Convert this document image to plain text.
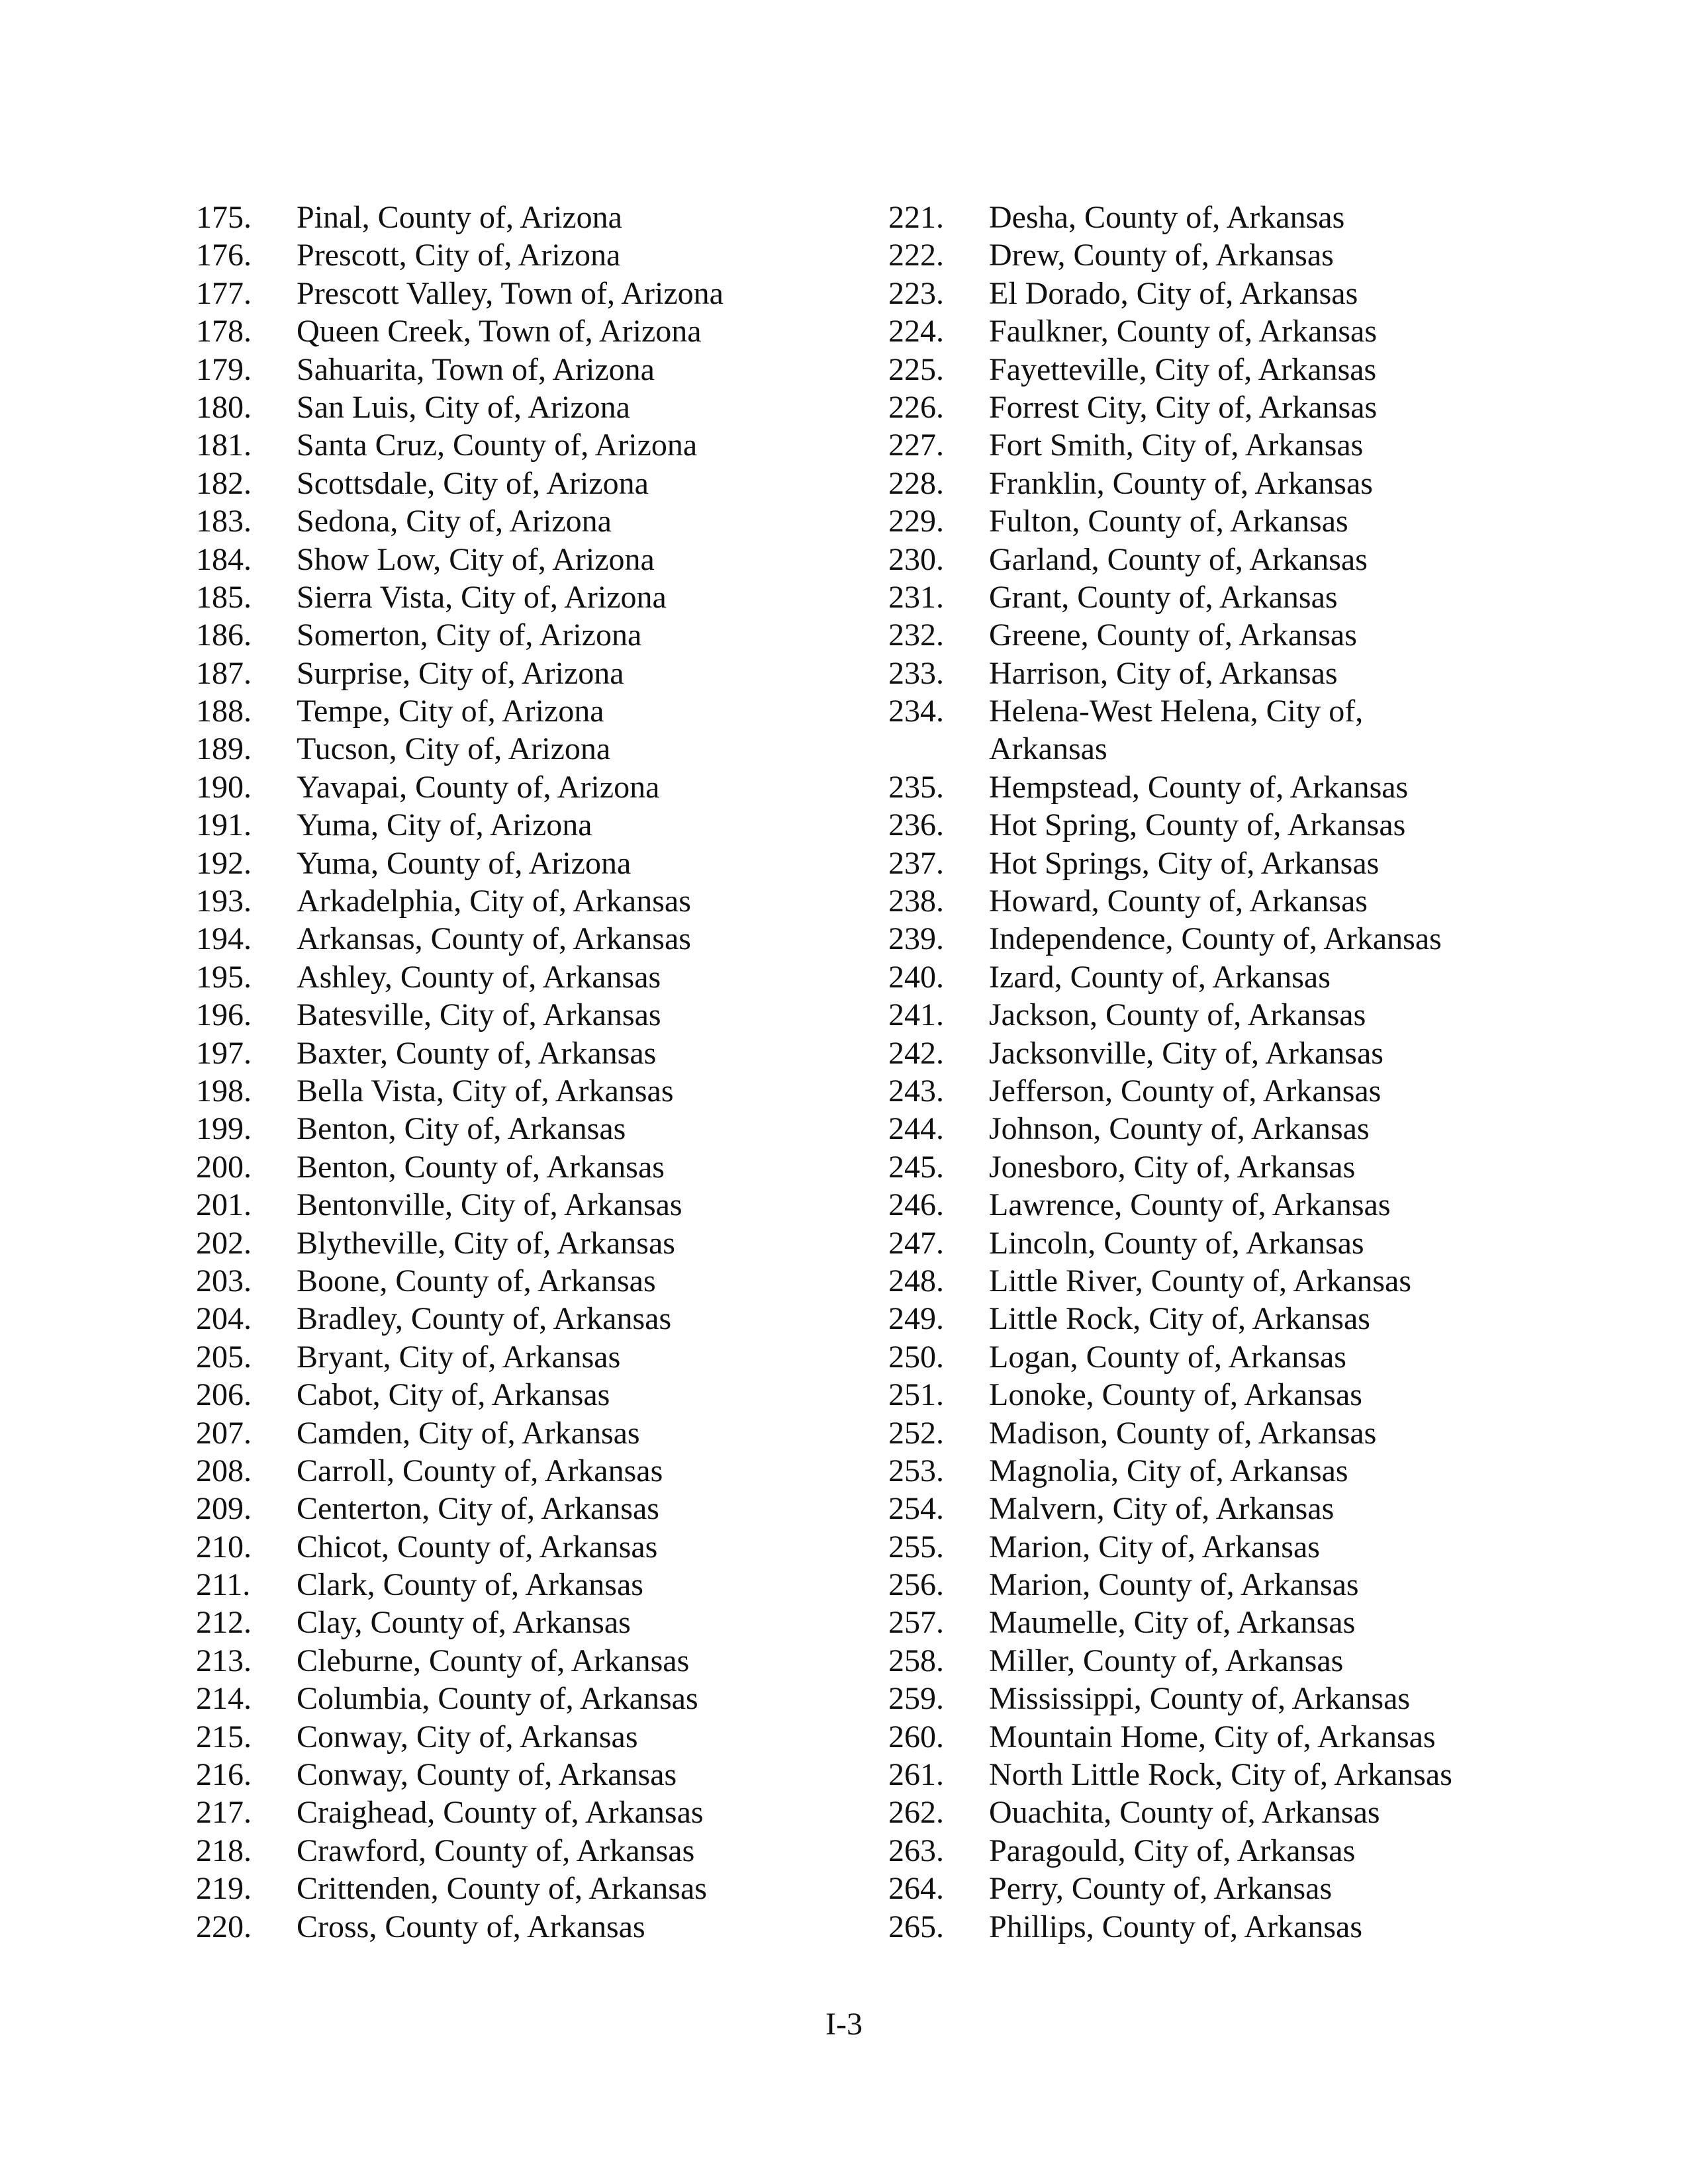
175. Pinal, County of, Arizona
176. Prescott, City of, Arizona
177. Prescott Valley, Town of, Arizona
178. Queen Creek, Town of, Arizona
179. Sahuarita, Town of, Arizona
180. San Luis, City of, Arizona
181. Santa Cruz, County of, Arizona
182. Scottsdale, City of, Arizona
183. Sedona, City of, Arizona
184. Show Low, City of, Arizona
185. Sierra Vista, City of, Arizona
186. Somerton, City of, Arizona
187. Surprise, City of, Arizona
188. Tempe, City of, Arizona
189. Tucson, City of, Arizona
190. Yavapai, County of, Arizona
191. Yuma, City of, Arizona
192. Yuma, County of, Arizona
193. Arkadelphia, City of, Arkansas
194. Arkansas, County of, Arkansas
195. Ashley, County of, Arkansas
196. Batesville, City of, Arkansas
197. Baxter, County of, Arkansas
198. Bella Vista, City of, Arkansas
199. Benton, City of, Arkansas
200. Benton, County of, Arkansas
201. Bentonville, City of, Arkansas
202. Blytheville, City of, Arkansas
203. Boone, County of, Arkansas
204. Bradley, County of, Arkansas
205. Bryant, City of, Arkansas
206. Cabot, City of, Arkansas
207. Camden, City of, Arkansas
208. Carroll, County of, Arkansas
209. Centerton, City of, Arkansas
210. Chicot, County of, Arkansas
211. Clark, County of, Arkansas
212. Clay, County of, Arkansas
213. Cleburne, County of, Arkansas
214. Columbia, County of, Arkansas
215. Conway, City of, Arkansas
216. Conway, County of, Arkansas
217. Craighead, County of, Arkansas
218. Crawford, County of, Arkansas
219. Crittenden, County of, Arkansas
220. Cross, County of, Arkansas
221. Desha, County of, Arkansas
222. Drew, County of, Arkansas
223. El Dorado, City of, Arkansas
224. Faulkner, County of, Arkansas
225. Fayetteville, City of, Arkansas
226. Forrest City, City of, Arkansas
227. Fort Smith, City of, Arkansas
228. Franklin, County of, Arkansas
229. Fulton, County of, Arkansas
230. Garland, County of, Arkansas
231. Grant, County of, Arkansas
232. Greene, County of, Arkansas
233. Harrison, City of, Arkansas
234. Helena-West Helena, City of, Arkansas
235. Hempstead, County of, Arkansas
236. Hot Spring, County of, Arkansas
237. Hot Springs, City of, Arkansas
238. Howard, County of, Arkansas
239. Independence, County of, Arkansas
240. Izard, County of, Arkansas
241. Jackson, County of, Arkansas
242. Jacksonville, City of, Arkansas
243. Jefferson, County of, Arkansas
244. Johnson, County of, Arkansas
245. Jonesboro, City of, Arkansas
246. Lawrence, County of, Arkansas
247. Lincoln, County of, Arkansas
248. Little River, County of, Arkansas
249. Little Rock, City of, Arkansas
250. Logan, County of, Arkansas
251. Lonoke, County of, Arkansas
252. Madison, County of, Arkansas
253. Magnolia, City of, Arkansas
254. Malvern, City of, Arkansas
255. Marion, City of, Arkansas
256. Marion, County of, Arkansas
257. Maumelle, City of, Arkansas
258. Miller, County of, Arkansas
259. Mississippi, County of, Arkansas
260. Mountain Home, City of, Arkansas
261. North Little Rock, City of, Arkansas
262. Ouachita, County of, Arkansas
263. Paragould, City of, Arkansas
264. Perry, County of, Arkansas
265. Phillips, County of, Arkansas
I-3
